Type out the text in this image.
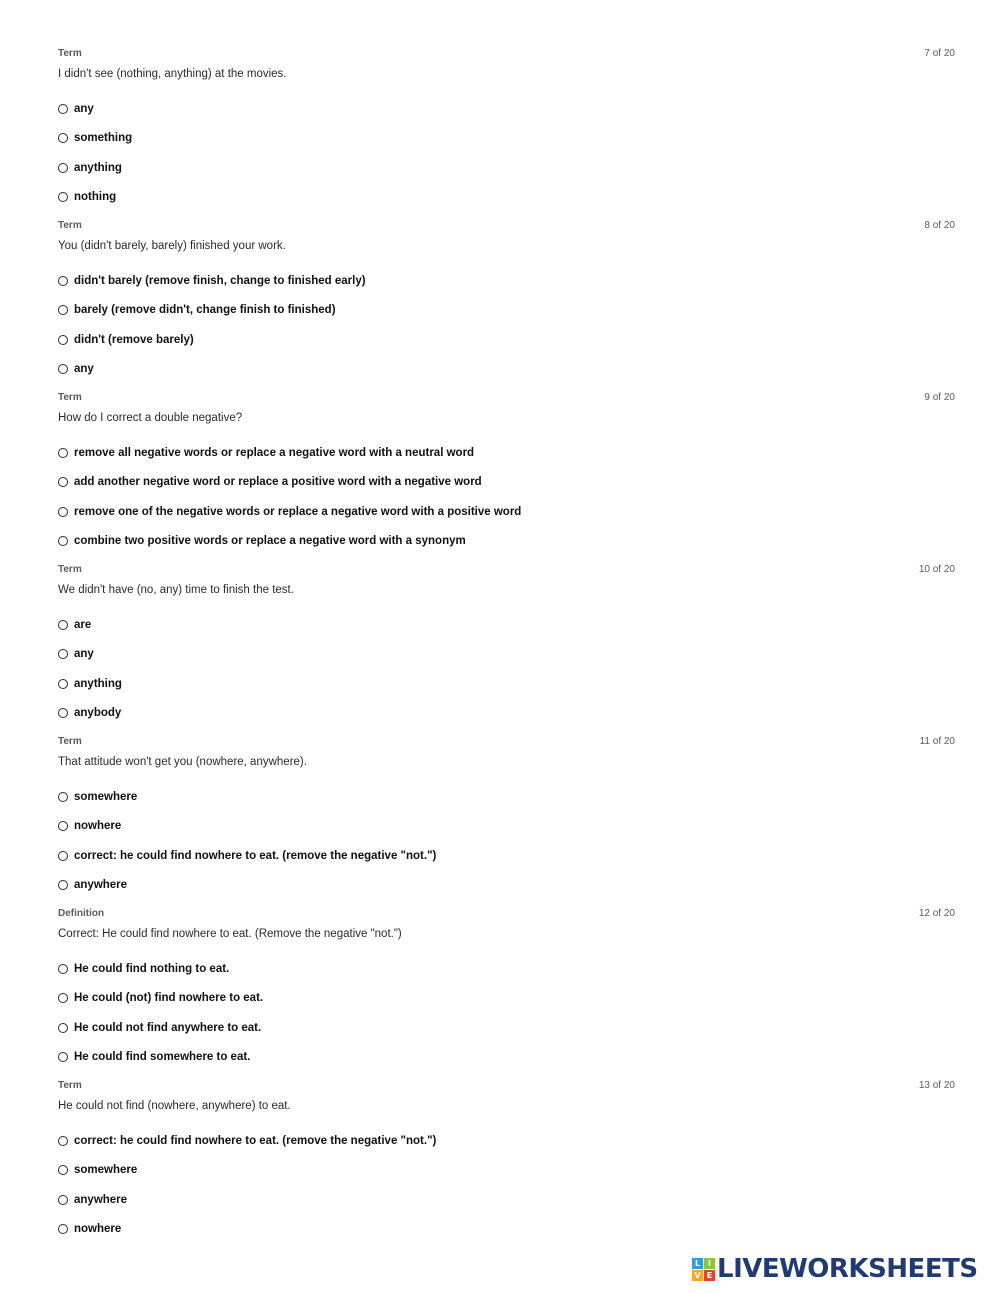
Term	7 of 20
I didn't see (nothing, anything) at the movies.
any
something
anything
nothing
Term	8 of 20
You (didn't barely, barely) finished your work.
didn't barely (remove finish, change to finished early)
barely (remove didn't, change finish to finished)
didn't (remove barely)
any
Term	9 of 20
How do I correct a double negative?
remove all negative words or replace a negative word with a neutral word
add another negative word or replace a positive word with a negative word
remove one of the negative words or replace a negative word with a positive word
combine two positive words or replace a negative word with a synonym
Term	10 of 20
We didn't have (no, any) time to finish the test.
are
any
anything
anybody
Term	11 of 20
That attitude won't get you (nowhere, anywhere).
somewhere
nowhere
correct: he could find nowhere to eat. (remove the negative "not.")
anywhere
Definition	12 of 20
Correct: He could find nowhere to eat. (Remove the negative "not.")
He could find nothing to eat.
He could (not) find nowhere to eat.
He could not find anywhere to eat.
He could find somewhere to eat.
Term	13 of 20
He could not find (nowhere, anywhere) to eat.
correct: he could find nowhere to eat. (remove the negative "not.")
somewhere
anywhere
nowhere
L I
V E LIVEWORKSHEETS
